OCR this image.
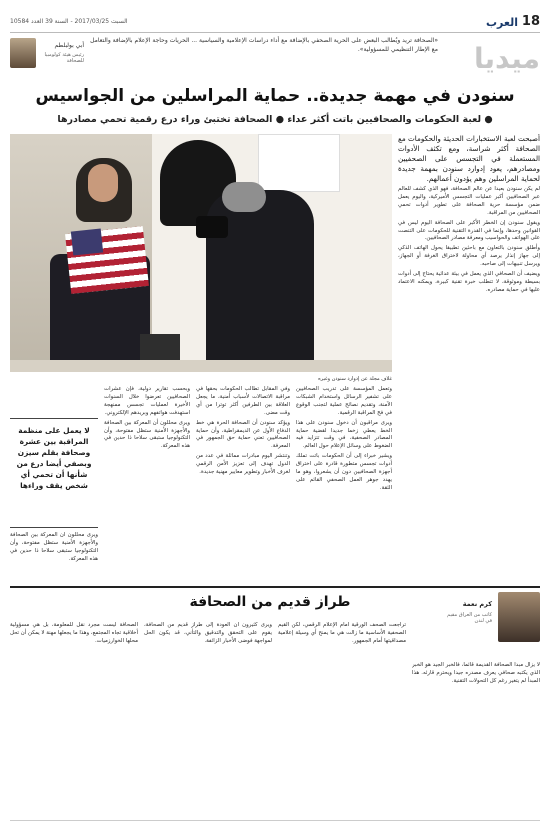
18
العرب
السبت 2017/03/25 - السنة 39 العدد 10584
«الصحافة تريد ويُطالب البعض على الحرية الصحفي بالإضافة مع أداء دراسات الإعلامية والسياسية ... الحريات وحاجة الإعلام بالإضافة والتعامل مع الإطار التنظيمي للمسؤولية».
أبي بولبلطم
رئيس هيئة كولومبيا للصحافة	ميديا
سنودن في مهمة جديدة.. حماية المراسلين من الجواسيس
● لعبة الحكومات والصحافيين باتت أكثر عداء ● الصحافة تختبئ وراء درع رقمية تحمي مصادرها
غلاف مجلة عن إدوارد سنودن وغيره

أصبحت لعبة الاستخبارات الحديثة والحكومات مع الصحافة أكثر شراسة، ومع تكثف الأدوات المستعملة في التجسس على الصحفيين ومصادرهم، يعود إدوارد سنودن بمهمة جديدة لحماية المراسلين وهم يؤدون أعمالهم.

لم يكن سنودن بعيدا عن عالم الصحافة، فهو الذي كشف للعالم عبر الصحافيين أكبر عمليات التجسس الأميركية، واليوم يعمل ضمن مؤسسة حرية الصحافة على تطوير أدوات تحمي الصحافيين من المراقبة.

ويقول سنودن إن الخطر الأكبر على الصحافة اليوم ليس في القوانين وحدها، وإنما في القدرة التقنية للحكومات على التنصت على الهواتف والحواسيب ومعرفة مصادر الصحافيين.

وأطلق سنودن بالتعاون مع باحثين تطبيقا يحول الهاتف الذكي إلى جهاز إنذار يرصد أي محاولة لاختراق الغرفة أو الجهاز، ويرسل تنبيهات إلى صاحبه.

ويضيف أن الصحافي الذي يعمل في بيئة عدائية يحتاج إلى أدوات بسيطة وموثوقة، لا تتطلب خبرة تقنية كبيرة، ويمكنه الاعتماد عليها في حماية مصادره.

وتعمل المؤسسة على تدريب الصحافيين على تشفير الرسائل واستخدام الشبكات الآمنة، وتقديم نصائح عملية لتجنب الوقوع في فخ المراقبة الرقمية.

ويرى مراقبون أن دخول سنودن على هذا الخط يعطي زخما جديدا لقضية حماية المصادر الصحفية، في وقت تتزايد فيه الضغوط على وسائل الإعلام حول العالم.

ويشير خبراء إلى أن الحكومات باتت تملك أدوات تجسس متطورة قادرة على اختراق أجهزة الصحافيين دون أن يشعروا، وهو ما يهدد جوهر العمل الصحفي القائم على الثقة.

وفي المقابل تطالب الحكومات بحقها في مراقبة الاتصالات لأسباب أمنية، ما يجعل العلاقة بين الطرفين أكثر توترا من أي وقت مضى.

ويؤكد سنودن أن الصحافة الحرة هي خط الدفاع الأول عن الديمقراطية، وأن حماية الصحافيين تعني حماية حق الجمهور في المعرفة.

وتنتشر اليوم مبادرات مماثلة في عدد من الدول تهدف إلى تعزيز الأمن الرقمي لغرف الأخبار وتطوير معايير مهنية جديدة.

وبحسب تقارير دولية، فإن عشرات الصحافيين تعرضوا خلال السنوات الأخيرة لعمليات تجسس ممنهجة استهدفت هواتفهم وبريدهم الإلكتروني.

ويرى محللون أن المعركة بين الصحافة والأجهزة الأمنية ستظل مفتوحة، وأن التكنولوجيا ستبقى سلاحا ذا حدين في هذه المعركة.

لا يعمل على منظمة المراقبة بين عشرة وصحافة بقلم سيزن وبصفي أيضا درع من شأنها أن تحمي أي شخص يقف وراءها

ويرى محللون أن المعركة بين الصحافة والأجهزة الأمنية ستظل مفتوحة، وأن التكنولوجيا ستبقى سلاحا ذا حدين في هذه المعركة.

كرم نعمة
كاتب من العراق مقيم في لندن
طراز قديم من الصحافة

لا يزال مبدأ الصحافة القديمة قائما، فالخبر الجيد هو الخبر الذي يكتبه صحافي يعرف مصدره جيدا ويحترم قارئه. هذا المبدأ لم يتغير رغم كل التحولات التقنية.

تراجعت الصحف الورقية أمام الإعلام الرقمي، لكن القيم الصحفية الأساسية ما زالت هي ما يمنح أي وسيلة إعلامية مصداقيتها أمام الجمهور.

ويرى كثيرون أن العودة إلى طراز قديم من الصحافة، يقوم على التحقق والتدقيق والتأني، قد يكون الحل لمواجهة فوضى الأخبار الزائفة.

الصحافة ليست مجرد نقل للمعلومة، بل هي مسؤولية أخلاقية تجاه المجتمع، وهذا ما يجعلها مهنة لا يمكن أن تحل محلها الخوارزميات.
